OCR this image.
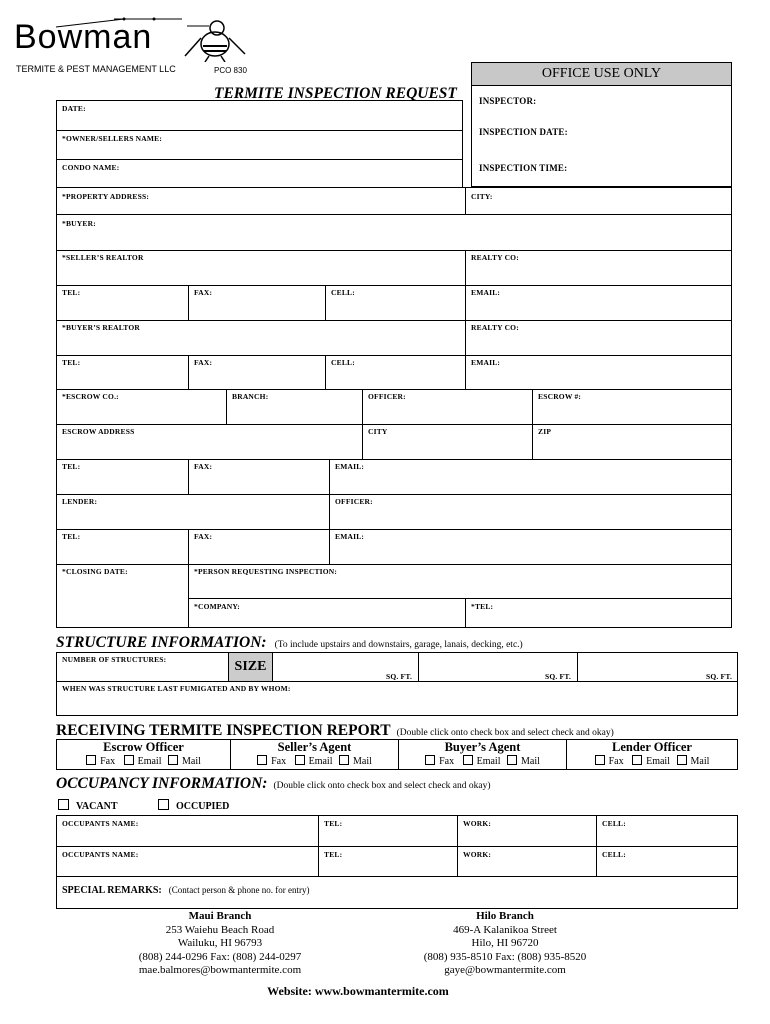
Bowman
TERMITE & PEST MANAGEMENT LLC	PCO 830	OFFICE USE ONLY
INSPECTOR:
INSPECTION DATE:
INSPECTION TIME:
TERMITE INSPECTION REQUEST
DATE:
*OWNER/SELLERS NAME:
CONDO NAME:
*PROPERTY ADDRESS:	CITY:
*BUYER:
*SELLER’S REALTOR	REALTY CO:
TEL:	FAX:	CELL:	EMAIL:
*BUYER’S REALTOR	REALTY CO:
TEL:	FAX:	CELL:	EMAIL:
*ESCROW CO.:	BRANCH:	OFFICER:	ESCROW #:
ESCROW ADDRESS	CITY	ZIP
TEL:	FAX:	EMAIL:
LENDER:	OFFICER:
TEL:	FAX:	EMAIL:
*CLOSING DATE:	*PERSON REQUESTING INSPECTION:
*COMPANY:	*TEL:
STRUCTURE INFORMATION: (To include upstairs and downstairs, garage, lanais, decking, etc.)
NUMBER OF STRUCTURES:	SIZE
SQ. FT.	SQ. FT.	SQ. FT.
WHEN WAS STRUCTURE LAST FUMIGATED AND BY WHOM:
RECEIVING TERMITE INSPECTION REPORT (Double click onto check box and select check and okay)
Escrow Officer
Fax Email Mail
Seller’s Agent
Fax Email Mail
Buyer’s Agent
Fax Email Mail
Lender Officer
Fax Email Mail
OCCUPANCY INFORMATION: (Double click onto check box and select check and okay)
VACANT	OCCUPIED
OCCUPANTS NAME:	TEL:	WORK:	CELL:
OCCUPANTS NAME:	TEL:	WORK:	CELL:
SPECIAL REMARKS: (Contact person & phone no. for entry)
Maui Branch
253 Waiehu Beach Road
Wailuku, HI 96793
(808) 244-0296 Fax: (808) 244-0297
mae.balmores@bowmantermite.com
Hilo Branch
469-A Kalanikoa Street
Hilo, HI 96720
(808) 935-8510 Fax: (808) 935-8520
gaye@bowmantermite.com
Website: www.bowmantermite.com
